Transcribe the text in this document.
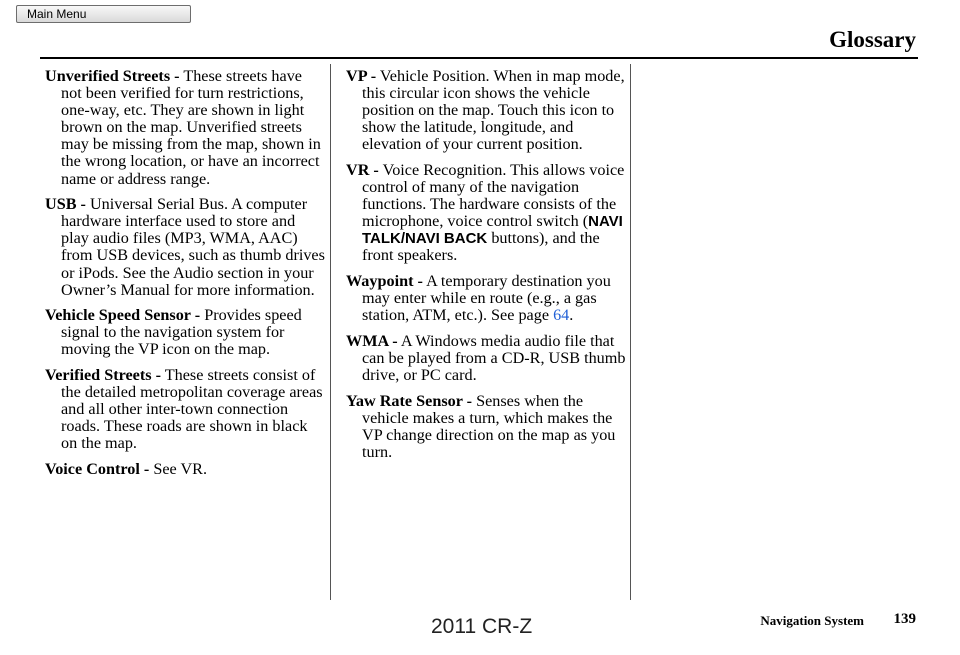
Main Menu
Glossary

Unverified Streets - These streets have not been verified for turn restrictions, one-way, etc. They are shown in light brown on the map. Unverified streets may be missing from the map, shown in the wrong location, or have an incorrect name or address range.

USB - Universal Serial Bus. A computer hardware interface used to store and play audio files (MP3, WMA, AAC) from USB devices, such as thumb drives or iPods. See the Audio section in your Owner’s Manual for more information.

Vehicle Speed Sensor - Provides speed signal to the navigation system for moving the VP icon on the map.

Verified Streets - These streets consist of the detailed metropolitan coverage areas and all other inter-town connection roads. These roads are shown in black on the map.

Voice Control - See VR.

VP - Vehicle Position. When in map mode, this circular icon shows the vehicle position on the map. Touch this icon to show the latitude, longitude, and elevation of your current position.

VR - Voice Recognition. This allows voice control of many of the navigation functions. The hardware consists of the microphone, voice control switch (NAVI TALK/NAVI BACK buttons), and the front speakers.

Waypoint - A temporary destination you may enter while en route (e.g., a gas station, ATM, etc.). See page 64.

WMA - A Windows media audio file that can be played from a CD-R, USB thumb drive, or PC card.

Yaw Rate Sensor - Senses when the vehicle makes a turn, which makes the VP change direction on the map as you turn.

Navigation System 139
2011 CR-Z
